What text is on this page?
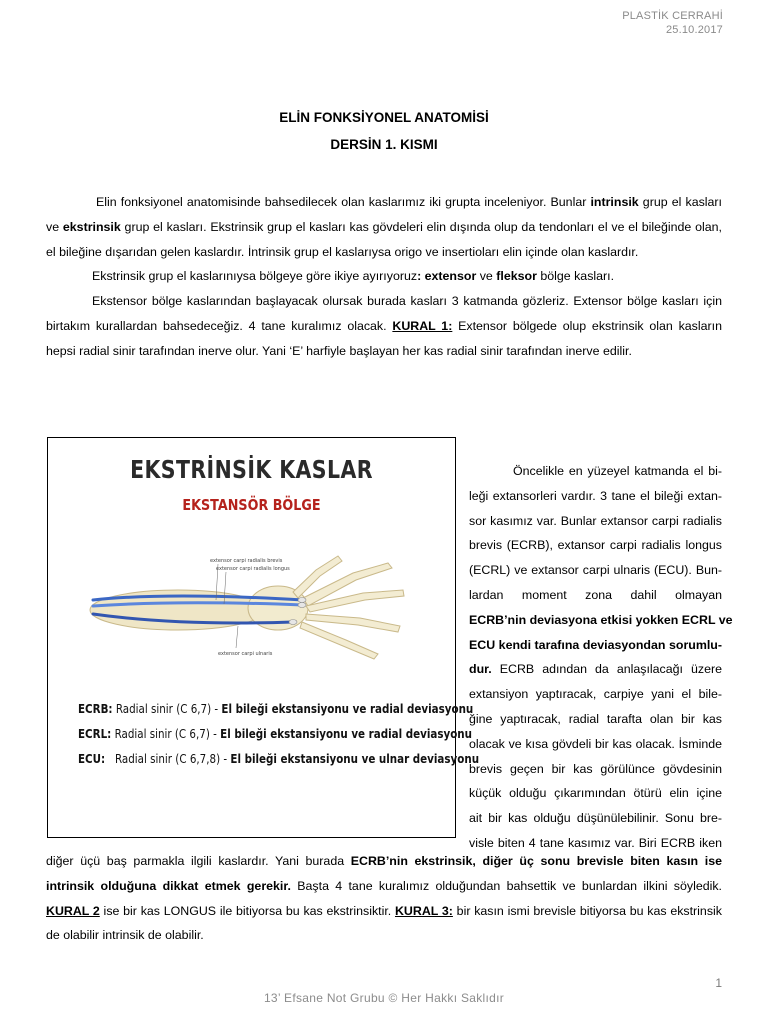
PLASTİK CERRAHİ
25.10.2017
ELİN FONKSİYONEL ANATOMİSİ
DERSİN 1. KISMI
Elin fonksiyonel anatomisinde bahsedilecek olan kaslarımız iki grupta inceleniyor. Bunlar intrinsik grup el kasları ve ekstrinsik grup el kasları. Ekstrinsik grup el kasları kas gövdeleri elin dışında olup da tendonları el ve el bileğinde olan, el bileğine dışarıdan gelen kaslardır. İntrinsik grup el kaslarıysa origo ve insertioları elin içinde olan kaslardır.
Ekstrinsik grup el kaslarınıysa bölgeye göre ikiye ayırıyoruz: extensor ve fleksor bölge kasları.
Ekstensor bölge kaslarından başlayacak olursak burada kasları 3 katmanda gözleriz. Extensor bölge kasları için birtakım kurallardan bahsedeceğiz. 4 tane kuralımız olacak. KURAL 1: Extensor bölgede olup ekstrinsik olan kasların hepsi radial sinir tarafından inerve olur. Yani ‘E’ harfiyle başlayan her kas radial sinir tarafından inerve edilir.
EKSTRİNSİK KASLAR
EKSTANSÖR BÖLGE
extensor carpi radialis brevis
extensor carpi radialis longus
extensor carpi ulnaris
ECRB: Radial sinir (C 6,7) - El bileği ekstansiyonu ve radial deviasyonu
ECRL: Radial sinir (C 6,7) - El bileği ekstansiyonu ve radial deviasyonu
ECU:   Radial sinir (C 6,7,8) - El bileği ekstansiyonu ve ulnar deviasyonu
Öncelikle en yüzeyel katmanda el bi-
leği extansorleri vardır. 3 tane el bileği extan-
sor kasımız var. Bunlar extansor carpi radialis
brevis (ECRB), extansor carpi radialis longus
(ECRL) ve extansor carpi ulnaris (ECU). Bun-
lardan moment zona dahil olmayan
ECRB’nin deviasyona etkisi yokken ECRL ve
ECU kendi tarafına deviasyondan sorumlu-
dur. ECRB adından da anlaşılacağı üzere
extansiyon yaptıracak, carpiye yani el bile-
ğine yaptıracak, radial tarafta olan bir kas
olacak ve kısa gövdeli bir kas olacak. İsminde
brevis geçen bir kas görülünce gövdesinin
küçük olduğu çıkarımından ötürü elin içine
ait bir kas olduğu düşünülebilinir. Sonu bre-
visle biten 4 tane kasımız var. Biri ECRB iken
diğer üçü baş parmakla ilgili kaslardır. Yani burada ECRB’nin ekstrinsik, diğer üç sonu brevisle biten kasın ise intrinsik olduğuna dikkat etmek gerekir. Başta 4 tane kuralımız olduğundan bahsettik ve bunlardan ilkini söyledik. KURAL 2 ise bir kas LONGUS ile bitiyorsa bu kas ekstrinsiktir. KURAL 3: bir kasın ismi brevisle bitiyorsa bu kas ekstrinsik de olabilir intrinsik de olabilir.
1
13’ Efsane Not Grubu © Her Hakkı Saklıdır
